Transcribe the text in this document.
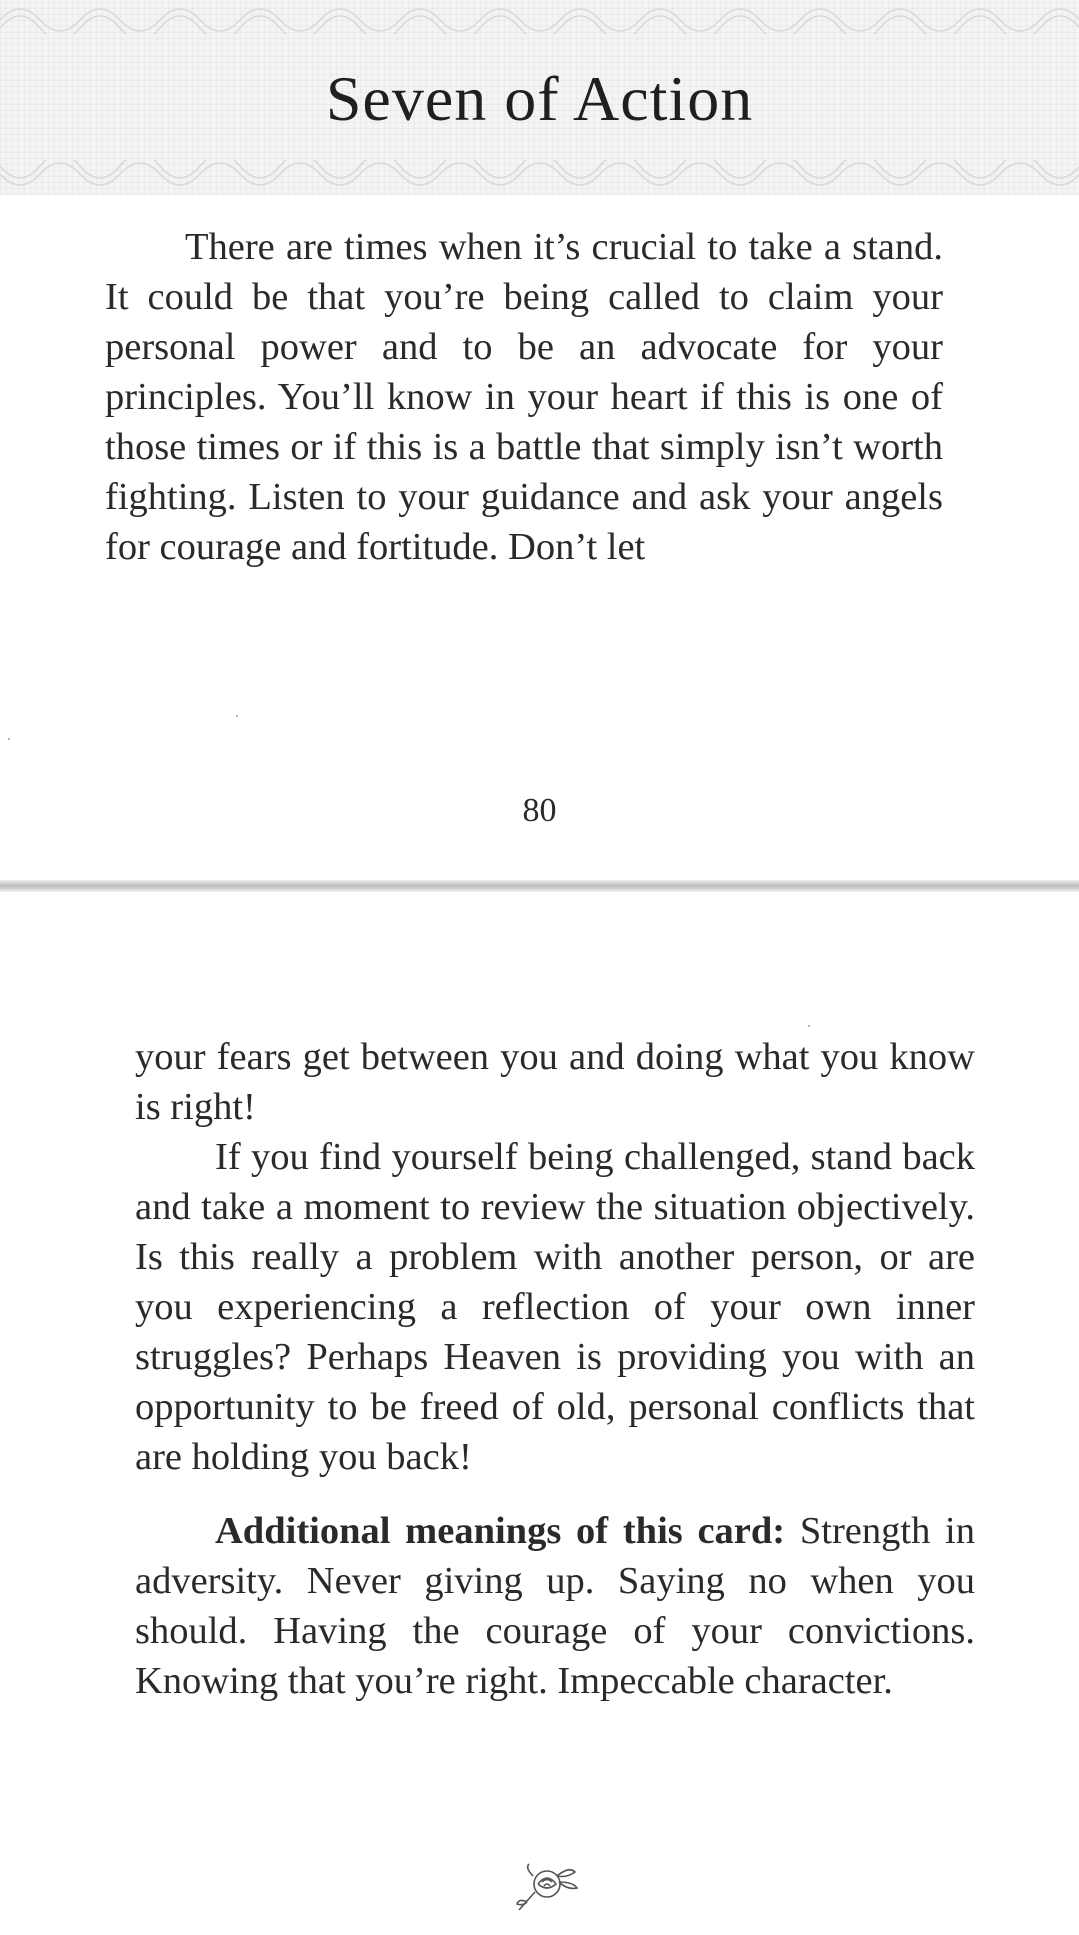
Seven of Action

There are times when it’s crucial to take a stand. It could be that you’re being called to claim your personal power and to be an advocate for your principles. You’ll know in your heart if this is one of those times or if this is a battle that simply isn’t worth fighting. Listen to your guidance and ask your angels for courage and fortitude. Don’t let

80

your fears get between you and doing what you know is right!

If you find yourself being challenged, stand back and take a moment to review the situation objectively. Is this really a problem with another person, or are you experiencing a reflection of your own inner struggles? Perhaps Heaven is providing you with an opportunity to be freed of old, personal conflicts that are holding you back!

Additional meanings of this card: Strength in adversity. Never giving up. Saying no when you should. Having the courage of your convictions. Knowing that you’re right. Impeccable character.
